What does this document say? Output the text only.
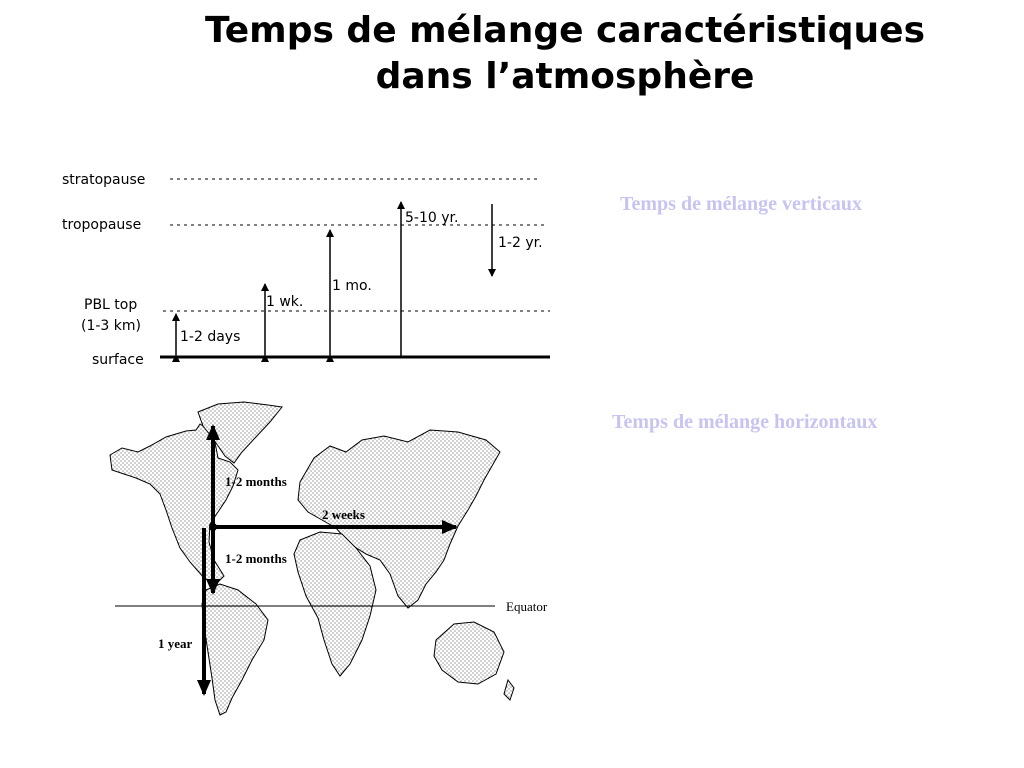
Temps de mélange caractéristiques
dans l’atmosphère
Temps de mélange verticaux
Temps de mélange horizontaux
stratopause
tropopause
PBL top
(1-3 km)
surface
1-2 days
1 wk.
1 mo.
5-10 yr.
1-2 yr.
Equator
1-2 months
2 weeks
1-2 months
1 year
